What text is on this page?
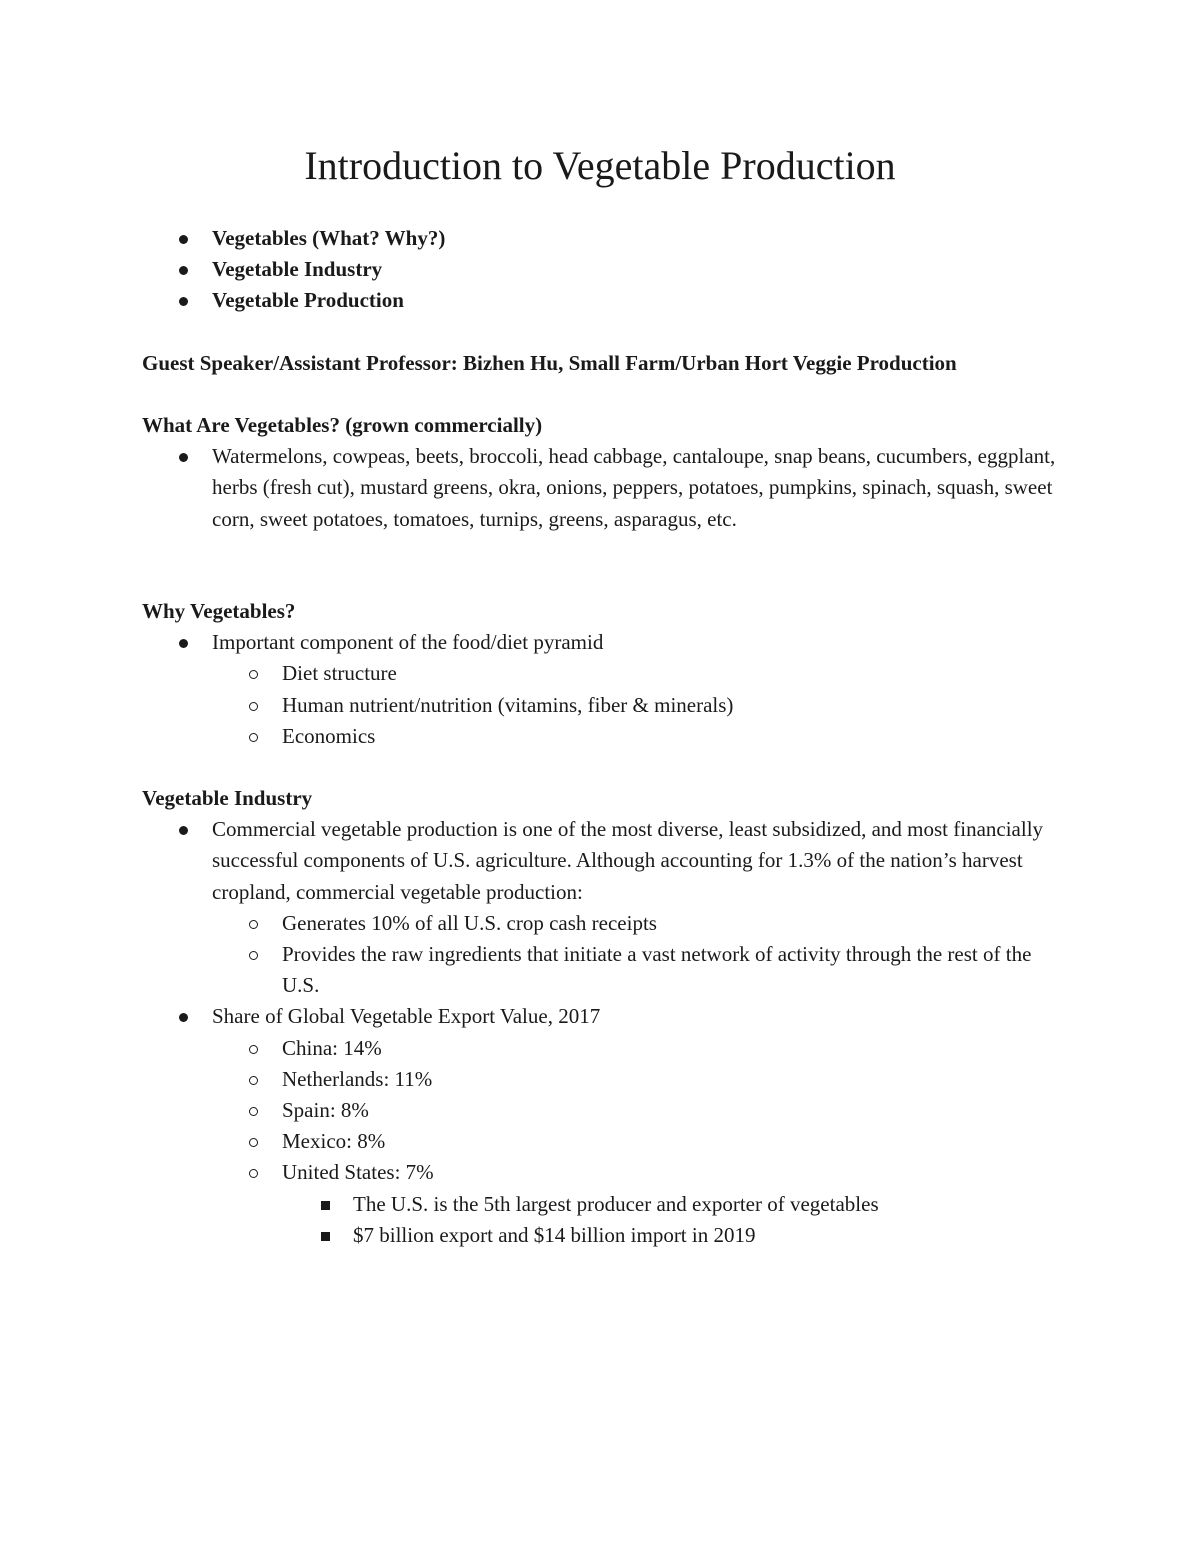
Introduction to Vegetable Production
Vegetables (What? Why?)
Vegetable Industry
Vegetable Production

Guest Speaker/Assistant Professor: Bizhen Hu, Small Farm/Urban Hort Veggie Production

What Are Vegetables? (grown commercially)

Watermelons, cowpeas, beets, broccoli, head cabbage, cantaloupe, snap beans, cucumbers, eggplant, herbs (fresh cut), mustard greens, okra, onions, peppers, potatoes, pumpkins, spinach, squash, sweet corn, sweet potatoes, tomatoes, turnips, greens, asparagus, etc.

Why Vegetables?

Important component of the food/diet pyramid
Diet structure
Human nutrient/nutrition (vitamins, fiber & minerals)
Economics

Vegetable Industry

Commercial vegetable production is one of the most diverse, least subsidized, and most financially successful components of U.S. agriculture. Although accounting for 1.3% of the nation’s harvest cropland, commercial vegetable production:
Generates 10% of all U.S. crop cash receipts
Provides the raw ingredients that initiate a vast network of activity through the rest of the U.S.
Share of Global Vegetable Export Value, 2017
China: 14%
Netherlands: 11%
Spain: 8%
Mexico: 8%
United States: 7%
The U.S. is the 5th largest producer and exporter of vegetables
$7 billion export and $14 billion import in 2019
